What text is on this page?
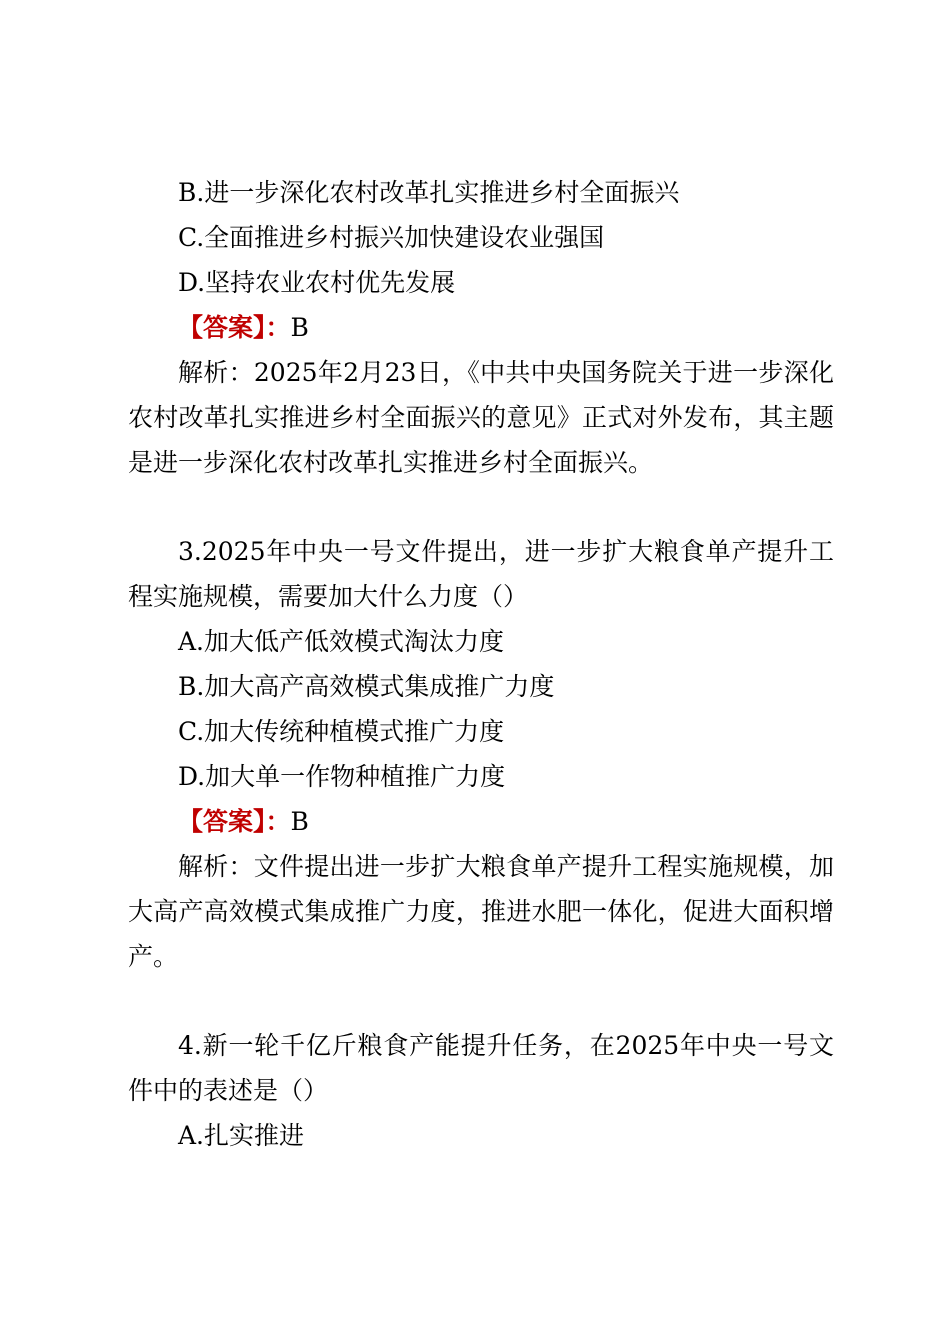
B.进一步深化农村改革扎实推进乡村全面振兴
C.全面推进乡村振兴加快建设农业强国
D.坚持农业农村优先发展
【答案】：B

解析：2025年2月23日，《中共中央国务院关于进一步深化农村改革扎实推进乡村全面振兴的意见》正式对外发布，其主题是进一步深化农村改革扎实推进乡村全面振兴。

3.2025年中央一号文件提出，进一步扩大粮食单产提升工程实施规模，需要加大什么力度（）

A.加大低产低效模式淘汰力度
B.加大高产高效模式集成推广力度
C.加大传统种植模式推广力度
D.加大单一作物种植推广力度
【答案】：B

解析：文件提出进一步扩大粮食单产提升工程实施规模，加大高产高效模式集成推广力度，推进水肥一体化，促进大面积增产。

4.新一轮千亿斤粮食产能提升任务，在2025年中央一号文件中的表述是（）

A.扎实推进
